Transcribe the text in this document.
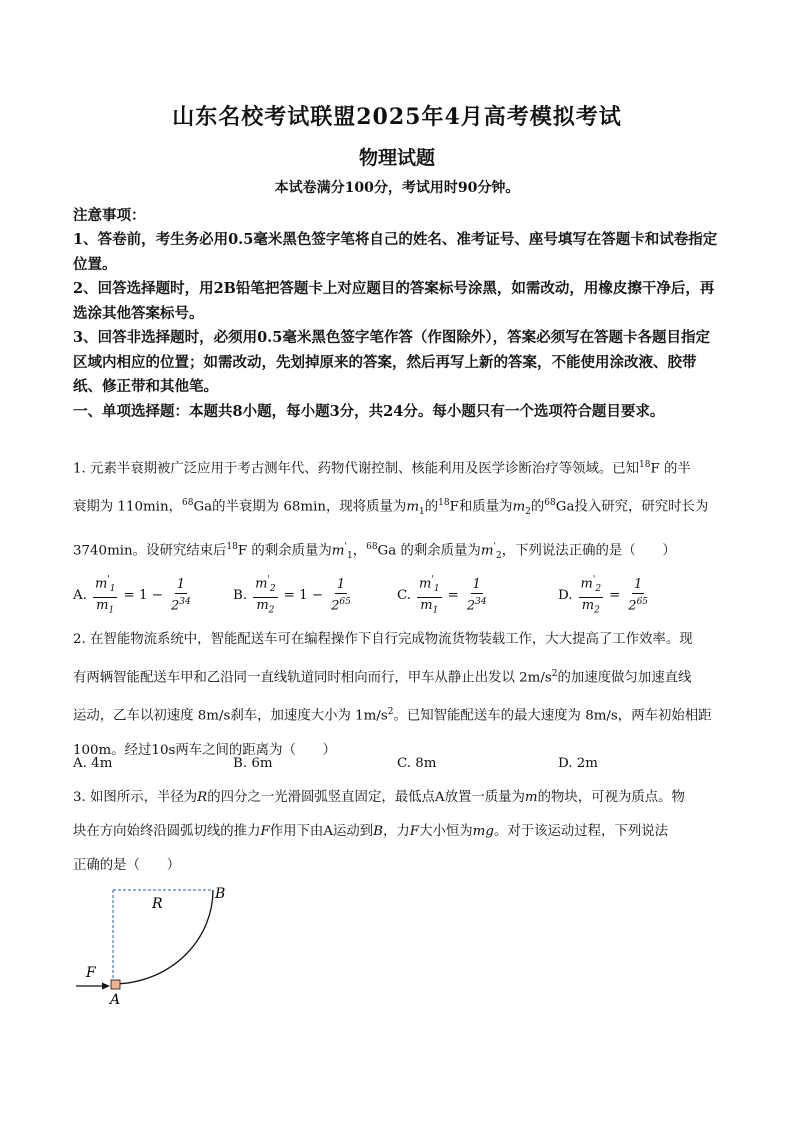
山东名校考试联盟2025年4月高考模拟考试
物理试题
本试卷满分100分，考试用时90分钟。
注意事项：
1、答卷前，考生务必用0.5毫米黑色签字笔将自己的姓名、准考证号、座号填写在答题卡和试卷指定位置。
2、回答选择题时，用2B铅笔把答题卡上对应题目的答案标号涂黑，如需改动，用橡皮擦干净后，再选涂其他答案标号。
3、回答非选择题时，必须用0.5毫米黑色签字笔作答（作图除外），答案必须写在答题卡各题目指定区域内相应的位置；如需改动，先划掉原来的答案，然后再写上新的答案，不能使用涂改液、胶带纸、修正带和其他笔。
一、单项选择题：本题共8小题，每小题3分，共24分。每小题只有一个选项符合题目要求。
1. 元素半衰期被广泛应用于考古测年代、药物代谢控制、核能利用及医学诊断治疗等领域。已知$^{18}$F 的半
衰期为 110min，$^{68}$Ga的半衰期为 68min，现将质量为$m_1$的$^{18}$F和质量为$m_2$的$^{68}$Ga投入研究，研究时长为
3740min。设研究结束后$^{18}$F 的剩余质量为$m'_1$，$^{68}$Ga 的剩余质量为$m'_2$，下列说法正确的是（　　）
A. $\frac{m'_1}{m_1} = 1 - \frac{1}{2^{34}}$	B. $\frac{m'_2}{m_2} = 1 - \frac{1}{2^{65}}$	C. $\frac{m'_1}{m_1} = \frac{1}{2^{34}}$	D. $\frac{m'_2}{m_2} = \frac{1}{2^{65}}$
2. 在智能物流系统中，智能配送车可在编程操作下自行完成物流货物装载工作，大大提高了工作效率。现
有两辆智能配送车甲和乙沿同一直线轨道同时相向而行，甲车从静止出发以 $2m/s^2$的加速度做匀加速直线
运动，乙车以初速度 8m/s刹车，加速度大小为 $1m/s^2$。已知智能配送车的最大速度为 8m/s，两车初始相距
100m。经过10s两车之间的距离为（　　）
A. 4m	B. 6m	C. 8m	D. 2m
3. 如图所示，半径为R的四分之一光滑圆弧竖直固定，最低点A放置一质量为m的物块，可视为质点。物
块在方向始终沿圆弧切线的推力F作用下由A运动到B，力F大小恒为mg。对于该运动过程，下列说法
正确的是（　　）
B
R
F
A
